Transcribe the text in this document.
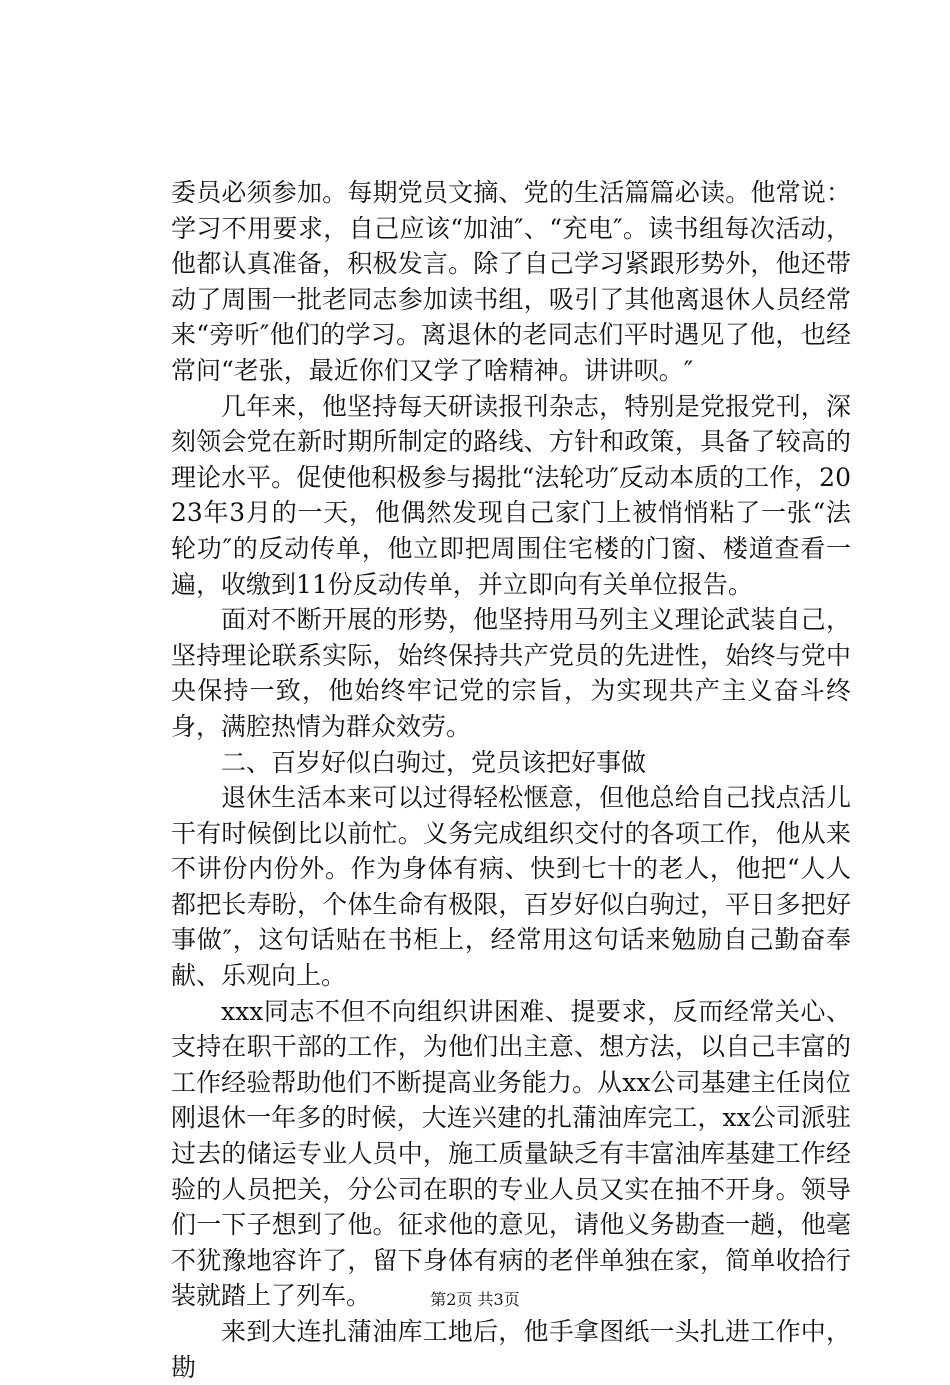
委员必须参加。每期党员文摘、党的生活篇篇必读。他常说：学习不用要求，自己应该“加油″、“充电″。读书组每次活动，他都认真准备，积极发言。除了自己学习紧跟形势外，他还带动了周围一批老同志参加读书组，吸引了其他离退休人员经常来“旁听″他们的学习。离退休的老同志们平时遇见了他，也经常问“老张，最近你们又学了啥精神。讲讲呗。″

几年来，他坚持每天研读报刊杂志，特别是党报党刊，深刻领会党在新时期所制定的路线、方针和政策，具备了较高的理论水平。促使他积极参与揭批“法轮功″反动本质的工作，2023年3月的一天，他偶然发现自己家门上被悄悄粘了一张“法轮功″的反动传单，他立即把周围住宅楼的门窗、楼道查看一遍，收缴到11份反动传单，并立即向有关单位报告。

面对不断开展的形势，他坚持用马列主义理论武装自己，坚持理论联系实际，始终保持共产党员的先进性，始终与党中央保持一致，他始终牢记党的宗旨，为实现共产主义奋斗终身，满腔热情为群众效劳。

二、百岁好似白驹过，党员该把好事做

退休生活本来可以过得轻松惬意，但他总给自己找点活儿干有时候倒比以前忙。义务完成组织交付的各项工作，他从来不讲份内份外。作为身体有病、快到七十的老人，他把“人人都把长寿盼，个体生命有极限，百岁好似白驹过，平日多把好事做″，这句话贴在书柜上，经常用这句话来勉励自己勤奋奉献、乐观向上。

xxx同志不但不向组织讲困难、提要求，反而经常关心、支持在职干部的工作，为他们出主意、想方法，以自己丰富的工作经验帮助他们不断提高业务能力。从xx公司基建主任岗位刚退休一年多的时候，大连兴建的扎蒲油库完工，xx公司派驻过去的储运专业人员中，施工质量缺乏有丰富油库基建工作经验的人员把关，分公司在职的专业人员又实在抽不开身。领导们一下子想到了他。征求他的意见，请他义务勘查一趟，他毫不犹豫地容许了，留下身体有病的老伴单独在家，简单收拾行装就踏上了列车。

来到大连扎蒲油库工地后，他手拿图纸一头扎进工作中，勘

第2页 共3页
